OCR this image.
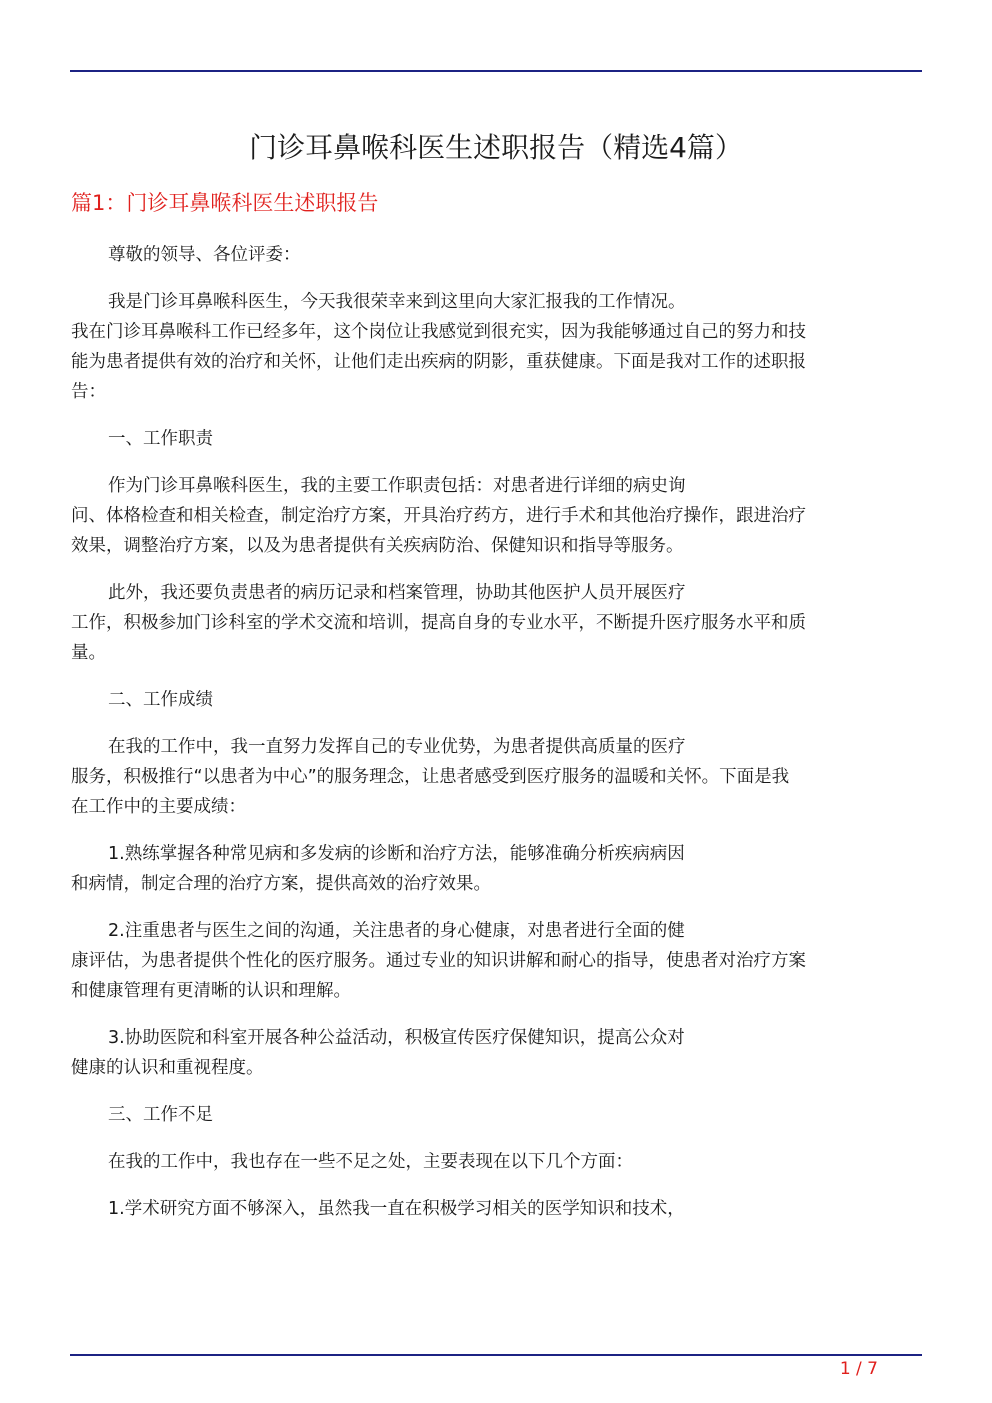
门诊耳鼻喉科医生述职报告（精选4篇）
篇1：门诊耳鼻喉科医生述职报告

尊敬的领导、各位评委：

我是门诊耳鼻喉科医生，今天我很荣幸来到这里向大家汇报我的工作情况。
我在门诊耳鼻喉科工作已经多年，这个岗位让我感觉到很充实，因为我能够通过自己的努力和技
能为患者提供有效的治疗和关怀，让他们走出疾病的阴影，重获健康。下面是我对工作的述职报
告：

一、工作职责

作为门诊耳鼻喉科医生，我的主要工作职责包括：对患者进行详细的病史询
问、体格检查和相关检查，制定治疗方案，开具治疗药方，进行手术和其他治疗操作，跟进治疗
效果，调整治疗方案，以及为患者提供有关疾病防治、保健知识和指导等服务。

此外，我还要负责患者的病历记录和档案管理，协助其他医护人员开展医疗
工作，积极参加门诊科室的学术交流和培训，提高自身的专业水平，不断提升医疗服务水平和质
量。

二、工作成绩

在我的工作中，我一直努力发挥自己的专业优势，为患者提供高质量的医疗
服务，积极推行“以患者为中心”的服务理念，让患者感受到医疗服务的温暖和关怀。下面是我
在工作中的主要成绩：

1.熟练掌握各种常见病和多发病的诊断和治疗方法，能够准确分析疾病病因
和病情，制定合理的治疗方案，提供高效的治疗效果。

2.注重患者与医生之间的沟通，关注患者的身心健康，对患者进行全面的健
康评估，为患者提供个性化的医疗服务。通过专业的知识讲解和耐心的指导，使患者对治疗方案
和健康管理有更清晰的认识和理解。

3.协助医院和科室开展各种公益活动，积极宣传医疗保健知识，提高公众对
健康的认识和重视程度。

三、工作不足

在我的工作中，我也存在一些不足之处，主要表现在以下几个方面：

1.学术研究方面不够深入，虽然我一直在积极学习相关的医学知识和技术，

1 / 7
